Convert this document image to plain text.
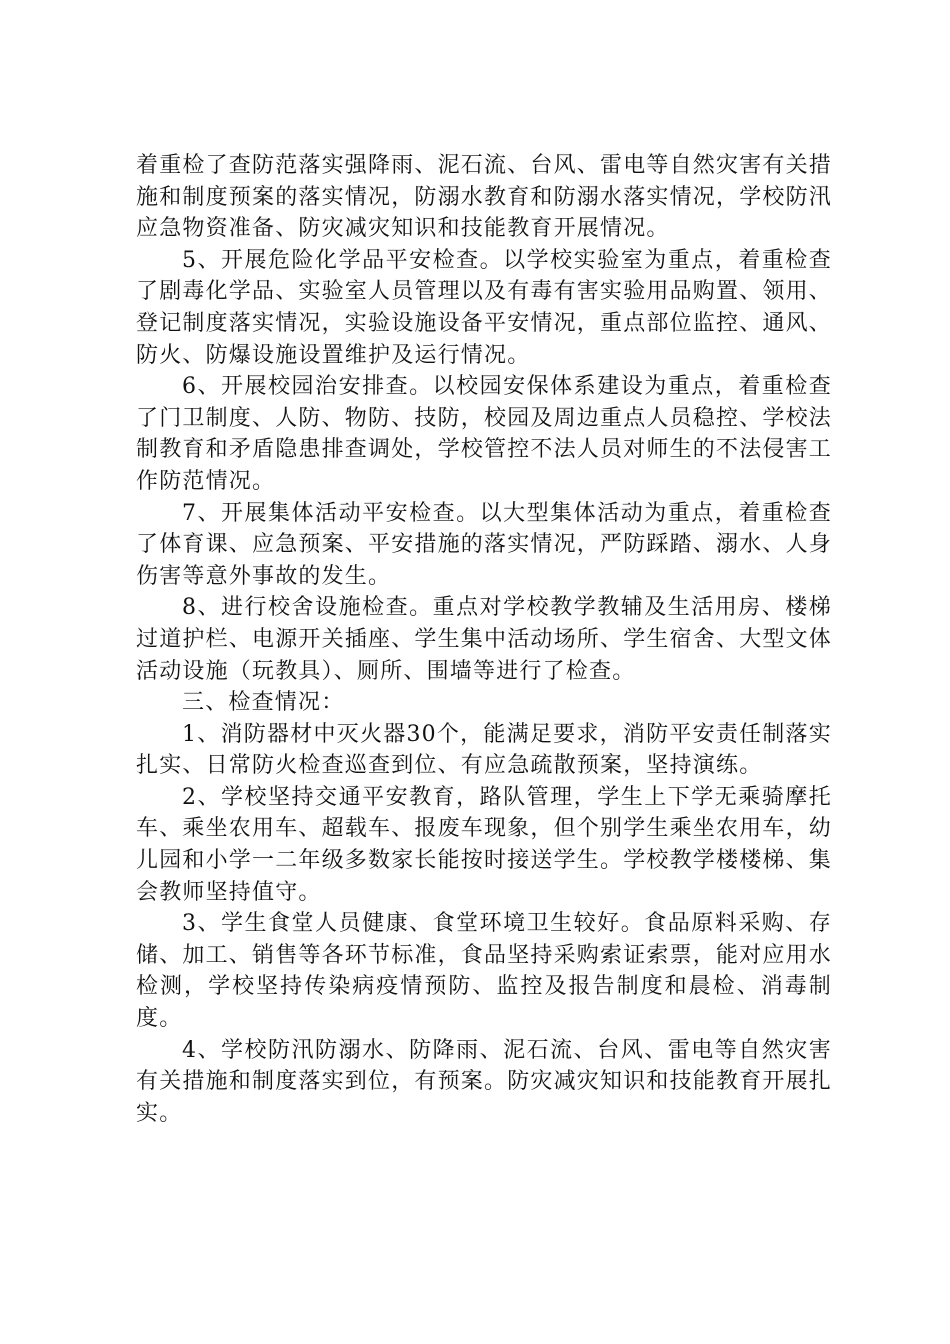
着重检了查防范落实强降雨、泥石流、台风、雷电等自然灾害有关措施和制度预案的落实情况，防溺水教育和防溺水落实情况，学校防汛应急物资准备、防灾减灾知识和技能教育开展情况。

5、开展危险化学品平安检查。以学校实验室为重点，着重检查了剧毒化学品、实验室人员管理以及有毒有害实验用品购置、领用、登记制度落实情况，实验设施设备平安情况，重点部位监控、通风、防火、防爆设施设置维护及运行情况。

6、开展校园治安排查。以校园安保体系建设为重点，着重检查了门卫制度、人防、物防、技防，校园及周边重点人员稳控、学校法制教育和矛盾隐患排查调处，学校管控不法人员对师生的不法侵害工作防范情况。

7、开展集体活动平安检查。以大型集体活动为重点，着重检查了体育课、应急预案、平安措施的落实情况，严防踩踏、溺水、人身伤害等意外事故的发生。

8、进行校舍设施检查。重点对学校教学教辅及生活用房、楼梯过道护栏、电源开关插座、学生集中活动场所、学生宿舍、大型文体活动设施（玩教具）、厕所、围墙等进行了检查。

三、检查情况：

1、消防器材中灭火器30个，能满足要求，消防平安责任制落实扎实、日常防火检查巡查到位、有应急疏散预案，坚持演练。

2、学校坚持交通平安教育，路队管理，学生上下学无乘骑摩托车、乘坐农用车、超载车、报废车现象，但个别学生乘坐农用车，幼儿园和小学一二年级多数家长能按时接送学生。学校教学楼楼梯、集会教师坚持值守。

3、学生食堂人员健康、食堂环境卫生较好。食品原料采购、存储、加工、销售等各环节标准，食品坚持采购索证索票，能对应用水检测，学校坚持传染病疫情预防、监控及报告制度和晨检、消毒制度。

4、学校防汛防溺水、防降雨、泥石流、台风、雷电等自然灾害有关措施和制度落实到位，有预案。防灾减灾知识和技能教育开展扎实。
